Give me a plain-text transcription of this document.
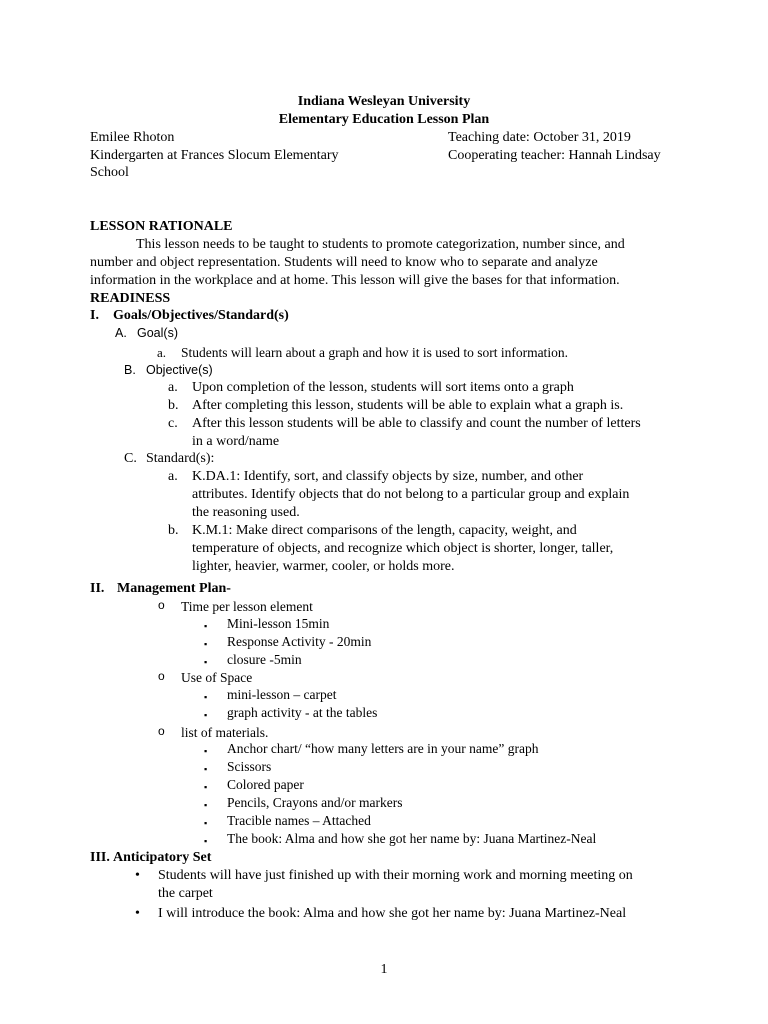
Indiana Wesleyan University
Elementary Education Lesson Plan
Emilee Rhoton	Teaching date: October 31, 2019
Kindergarten at Frances Slocum Elementary	Cooperating teacher: Hannah Lindsay
School
LESSON RATIONALE
This lesson needs to be taught to students to promote categorization, number since, and
number and object representation. Students will need to know who to separate and analyze
information in the workplace and at home. This lesson will give the bases for that information.
READINESS
I. Goals/Objectives/Standard(s)
A. Goal(s)
a. Students will learn about a graph and how it is used to sort information.
B. Objective(s)
a. Upon completion of the lesson, students will sort items onto a graph
b. After completing this lesson, students will be able to explain what a graph is.
c. After this lesson students will be able to classify and count the number of letters
in a word/name
C. Standard(s):
a. K.DA.1: Identify, sort, and classify objects by size, number, and other
attributes. Identify objects that do not belong to a particular group and explain
the reasoning used.
b. K.M.1: Make direct comparisons of the length, capacity, weight, and
temperature of objects, and recognize which object is shorter, longer, taller,
lighter, heavier, warmer, cooler, or holds more.
II. Management Plan-
o Time per lesson element
▪ Mini-lesson 15min
▪ Response Activity - 20min
▪ closure -5min
o Use of Space
▪ mini-lesson – carpet
▪ graph activity - at the tables
o list of materials.
▪ Anchor chart/ “how many letters are in your name” graph
▪ Scissors
▪ Colored paper
▪ Pencils, Crayons and/or markers
▪ Tracible names – Attached
▪ The book: Alma and how she got her name by: Juana Martinez-Neal
III. Anticipatory Set
• Students will have just finished up with their morning work and morning meeting on
the carpet
• I will introduce the book: Alma and how she got her name by: Juana Martinez-Neal
1
